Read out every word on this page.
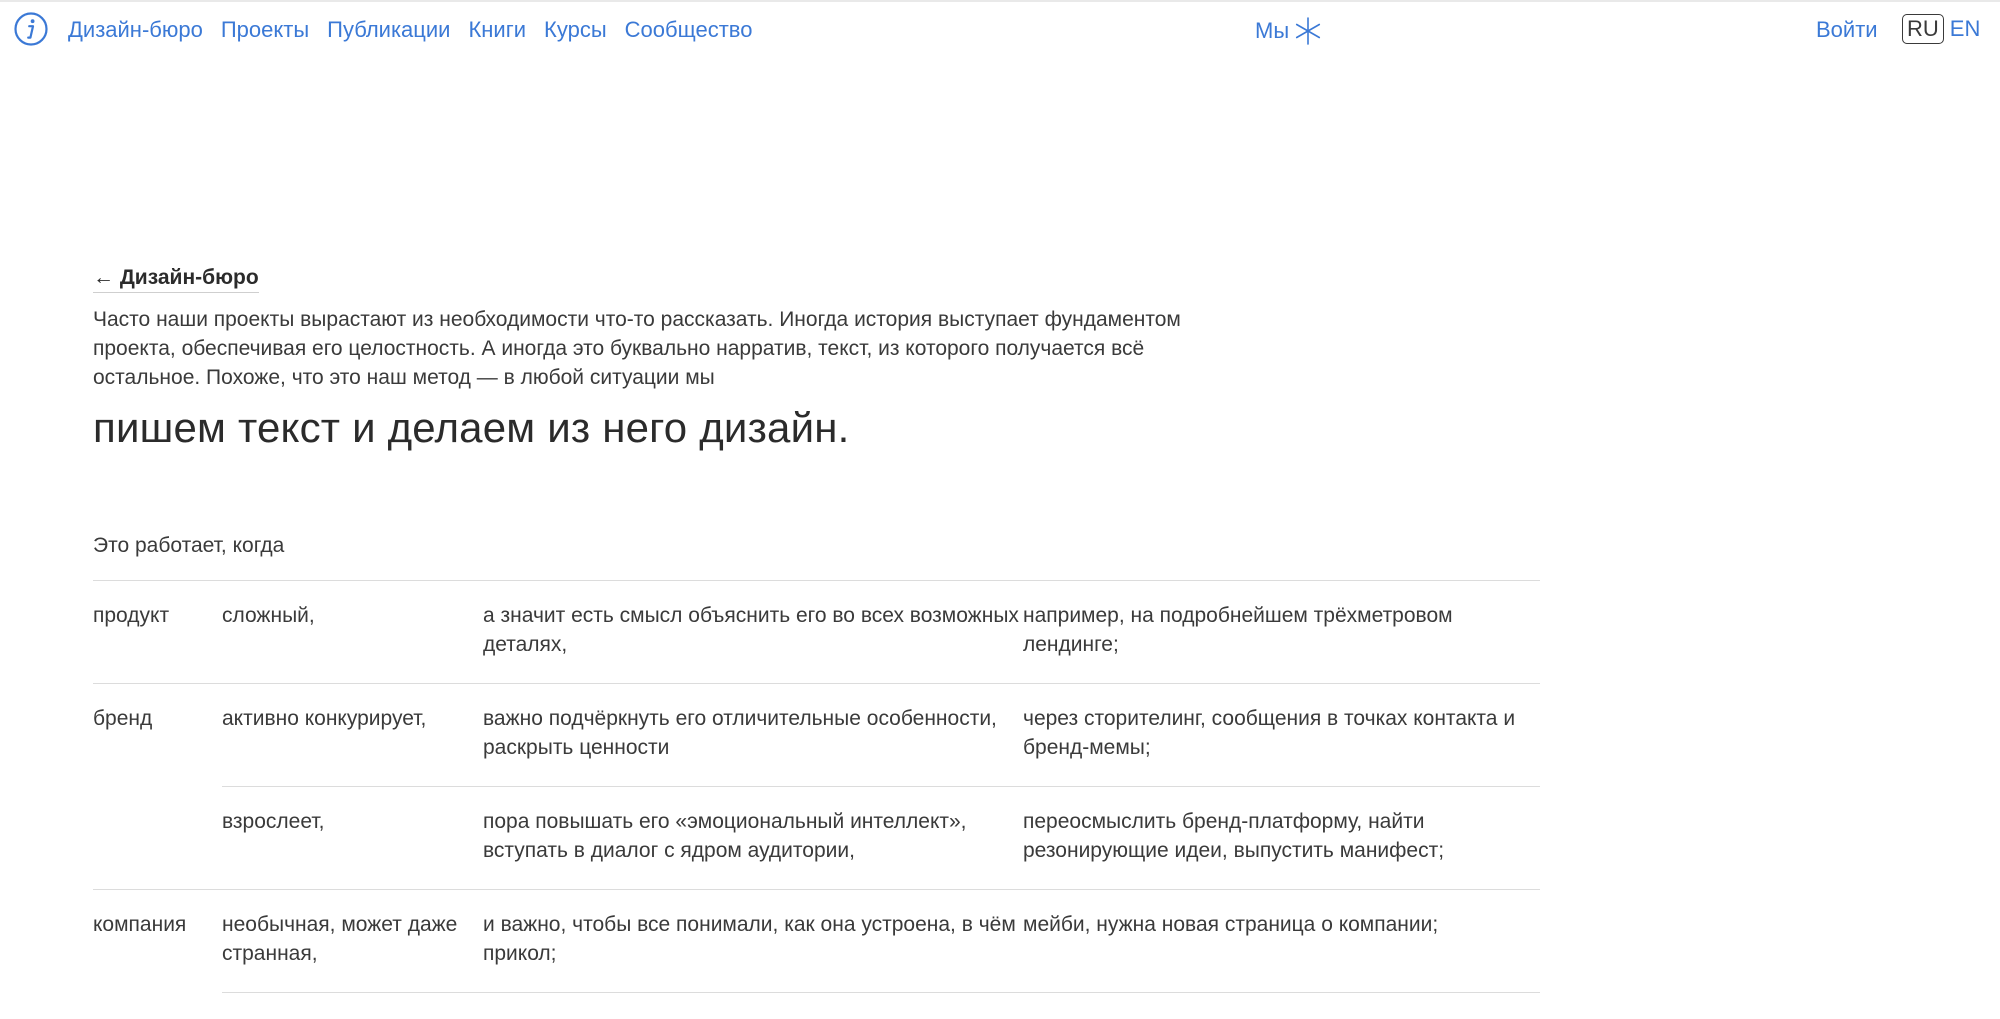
Дизайн-бюро Проекты Публикации Книги Курсы Сообщество	Мы	Войти RU EN
← Дизайн-бюро

Часто наши проекты вырастают из необходимости что-то рассказать. Иногда история выступает фундаментом проекта, обеспечивая его целостность. А иногда это буквально нарратив, текст, из которого получается всё остальное. Похоже, что это наш метод — в любой ситуации мы

пишем текст и делаем из него дизайн.

Это работает, когда

продукт	сложный,	а значит есть смысл объяснить его во всех возможных деталях,	например, на подробнейшем трёхметровом лендинге;
бренд	активно конкурирует,	важно подчёркнуть его отличительные особенности, раскрыть ценности	через сторителинг, сообщения в точках контакта и бренд-мемы;
	взрослеет,	пора повышать его «эмоциональный интеллект», вступать в диалог с ядром аудитории,	переосмыслить бренд-платформу, найти резонирующие идеи, выпустить манифест;
компания	необычная, может даже странная,	и важно, чтобы все понимали, как она устроена, в чём прикол;	мейби, нужна новая страница о компании;
